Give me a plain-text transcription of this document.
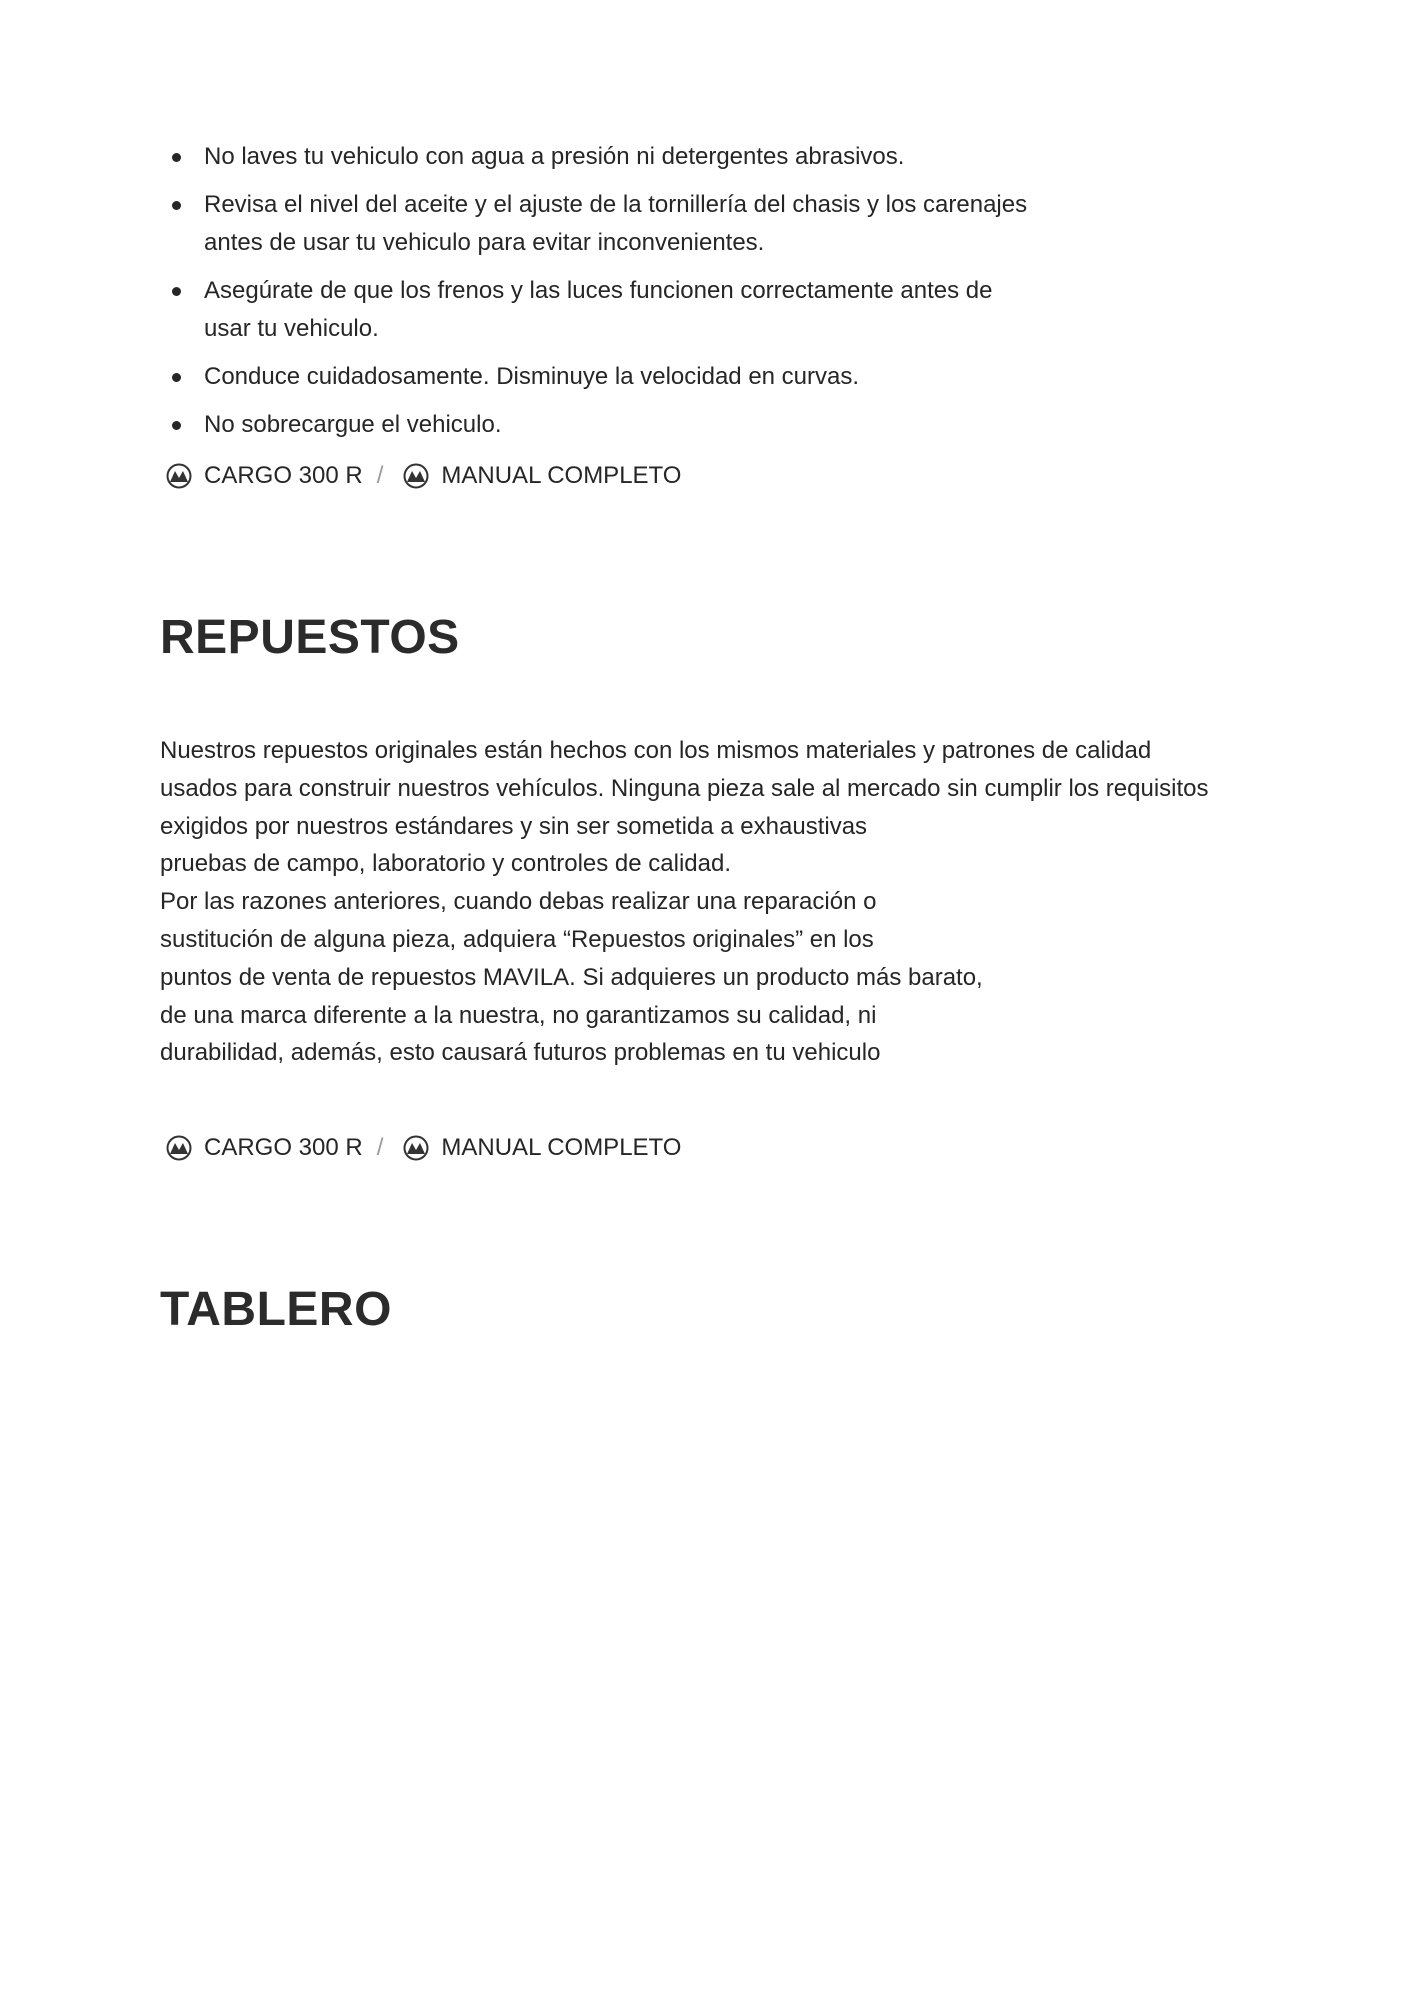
No laves tu vehiculo con agua a presión ni detergentes abrasivos.
Revisa el nivel del aceite y el ajuste de la tornillería del chasis y los carenajes antes de usar tu vehiculo para evitar inconvenientes.
Asegúrate de que los frenos y las luces funcionen correctamente antes de usar tu vehiculo.
Conduce cuidadosamente. Disminuye la velocidad en curvas.
No sobrecargue el vehiculo.
CARGO 300 R / MANUAL COMPLETO
REPUESTOS

Nuestros repuestos originales están hechos con los mismos materiales y patrones de calidad
usados para construir nuestros vehículos. Ninguna pieza sale al mercado sin cumplir los requisitos
exigidos por nuestros estándares y sin ser sometida a exhaustivas
pruebas de campo, laboratorio y controles de calidad.
Por las razones anteriores, cuando debas realizar una reparación o
sustitución de alguna pieza, adquiera “Repuestos originales” en los
puntos de venta de repuestos MAVILA. Si adquieres un producto más barato,
de una marca diferente a la nuestra, no garantizamos su calidad, ni
durabilidad, además, esto causará futuros problemas en tu vehiculo

CARGO 300 R / MANUAL COMPLETO
TABLERO
